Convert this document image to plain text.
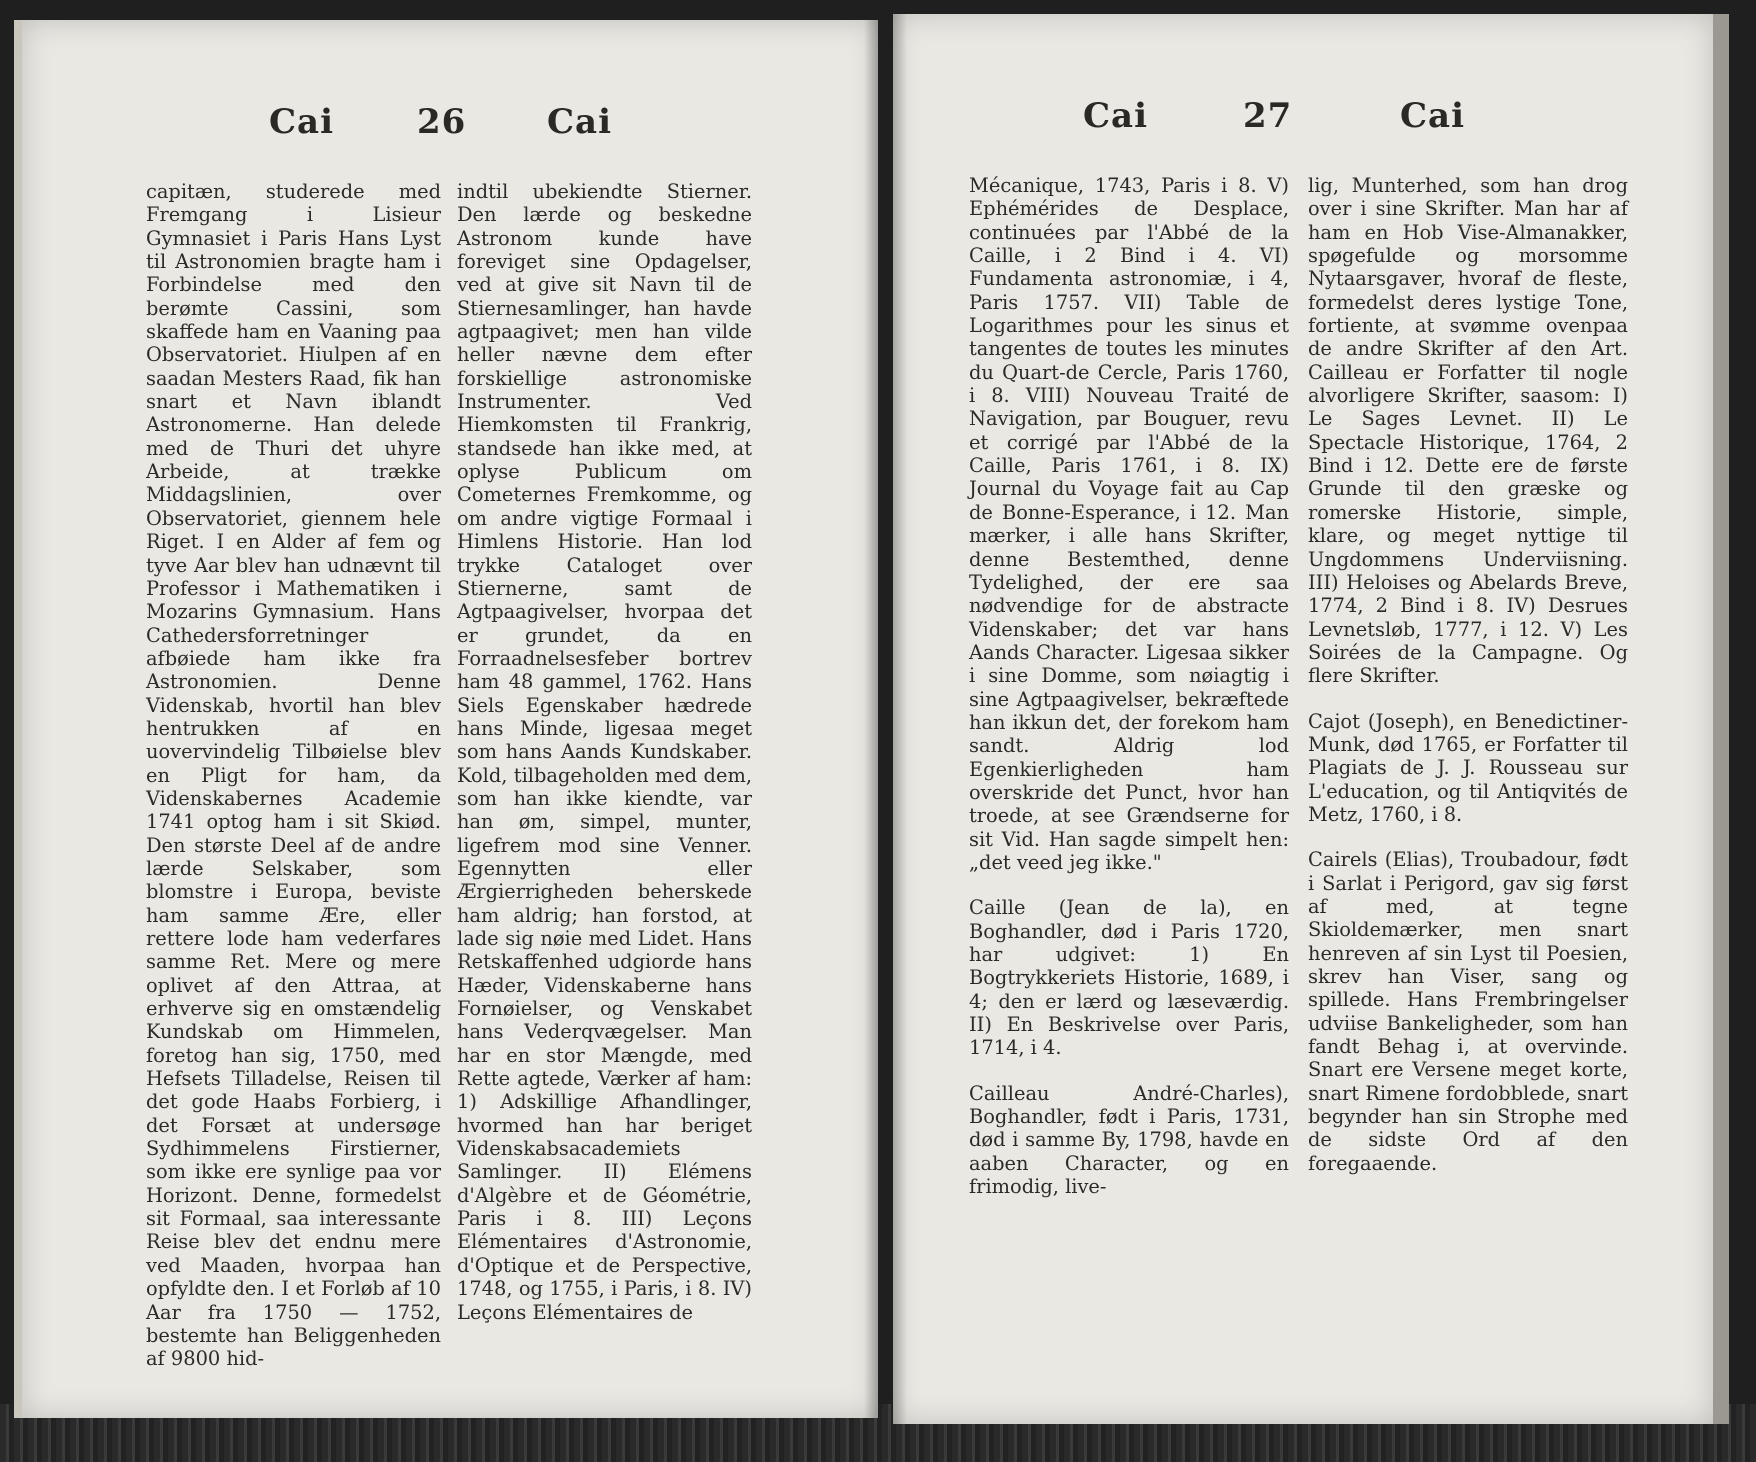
Cai 26 Cai

capitæn, studerede med Fremgang i Lisieur Gymnasiet i Paris Hans Lyst til Astronomien bragte ham i Forbindelse med den berømte Cassini, som skaffede ham en Vaaning paa Observatoriet. Hiulpen af en saadan Mesters Raad, fik han snart et Navn iblandt Astronomerne. Han delede med de Thuri det uhyre Arbeide, at trække Middagslinien, over Observatoriet, giennem hele Riget. I en Alder af fem og tyve Aar blev han udnævnt til Professor i Mathematiken i Mozarins Gymnasium. Hans Cathedersforretninger afbøiede ham ikke fra Astronomien. Denne Videnskab, hvortil han blev hentrukken af en uovervindelig Tilbøielse blev en Pligt for ham, da Videnskabernes Academie 1741 optog ham i sit Skiød. Den største Deel af de andre lærde Selskaber, som blomstre i Europa, beviste ham samme Ære, eller rettere lode ham vederfares samme Ret. Mere og mere oplivet af den Attraa, at erhverve sig en omstændelig Kundskab om Himmelen, foretog han sig, 1750, med Hefsets Tilladelse, Reisen til det gode Haabs Forbierg, i det Forsæt at undersøge Sydhimmelens Firstierner, som ikke ere synlige paa vor Horizont. Denne, formedelst sit Formaal, saa interessante Reise blev det endnu mere ved Maaden, hvorpaa han opfyldte den. I et Forløb af 10 Aar fra 1750 — 1752, bestemte han Beliggenheden af 9800 hid-

indtil ubekiendte Stierner. Den lærde og beskedne Astronom kunde have foreviget sine Opdagelser, ved at give sit Navn til de Stiernesamlinger, han havde agtpaagivet; men han vilde heller nævne dem efter forskiellige astronomiske Instrumenter. Ved Hiemkomsten til Frankrig, standsede han ikke med, at oplyse Publicum om Cometernes Fremkomme, og om andre vigtige Formaal i Himlens Historie. Han lod trykke Cataloget over Stiernerne, samt de Agtpaagivelser, hvorpaa det er grundet, da en Forraadnelsesfeber bortrev ham 48 gammel, 1762. Hans Siels Egenskaber hædrede hans Minde, ligesaa meget som hans Aands Kundskaber. Kold, tilbageholden med dem, som han ikke kiendte, var han øm, simpel, munter, ligefrem mod sine Venner. Egennytten eller Ærgierrigheden beherskede ham aldrig; han forstod, at lade sig nøie med Lidet. Hans Retskaffenhed udgiorde hans Hæder, Videnskaberne hans Fornøielser, og Venskabet hans Vederqvægelser. Man har en stor Mængde, med Rette agtede, Værker af ham: 1) Adskillige Afhandlinger, hvormed han har beriget Videnskabsacademiets Samlinger. II) Elémens d'Algèbre et de Géométrie, Paris i 8. III) Leçons Elémentaires d'Astronomie, d'Optique et de Perspective, 1748, og 1755, i Paris, i 8. IV) Leçons Elémentaires de

Cai	27	Cai

Mécanique, 1743, Paris i 8. V) Ephémérides de Desplace, continuées par l'Abbé de la Caille, i 2 Bind i 4. VI) Fundamenta astronomiæ, i 4, Paris 1757. VII) Table de Logarithmes pour les sinus et tangentes de toutes les minutes du Quart-de Cercle, Paris 1760, i 8. VIII) Nouveau Traité de Navigation, par Bouguer, revu et corrigé par l'Abbé de la Caille, Paris 1761, i 8. IX) Journal du Voyage fait au Cap de Bonne-Esperance, i 12. Man mærker, i alle hans Skrifter, denne Bestemthed, denne Tydelighed, der ere saa nødvendige for de abstracte Videnskaber; det var hans Aands Character. Ligesaa sikker i sine Domme, som nøiagtig i sine Agtpaagivelser, bekræftede han ikkun det, der forekom ham sandt. Aldrig lod Egenkierligheden ham overskride det Punct, hvor han troede, at see Grændserne for sit Vid. Han sagde simpelt hen: „det veed jeg ikke."

Caille (Jean de la), en Boghandler, død i Paris 1720, har udgivet: 1) En Bogtrykkeriets Historie, 1689, i 4; den er lærd og læseværdig. II) En Beskrivelse over Paris, 1714, i 4.

Cailleau André-Charles), Boghandler, født i Paris, 1731, død i samme By, 1798, havde en aaben Character, og en frimodig, live-

lig, Munterhed, som han drog over i sine Skrifter. Man har af ham en Hob Vise-Almanakker, spøgefulde og morsomme Nytaarsgaver, hvoraf de fleste, formedelst deres lystige Tone, fortiente, at svømme ovenpaa de andre Skrifter af den Art. Cailleau er Forfatter til nogle alvorligere Skrifter, saasom: I) Le Sages Levnet. II) Le Spectacle Historique, 1764, 2 Bind i 12. Dette ere de første Grunde til den græske og romerske Historie, simple, klare, og meget nyttige til Ungdommens Underviisning. III) Heloises og Abelards Breve, 1774, 2 Bind i 8. IV) Desrues Levnetsløb, 1777, i 12. V) Les Soirées de la Campagne. Og flere Skrifter.

Cajot (Joseph), en Benedictiner-Munk, død 1765, er Forfatter til Plagiats de J. J. Rousseau sur L'education, og til Antiqvités de Metz, 1760, i 8.

Cairels (Elias), Troubadour, født i Sarlat i Perigord, gav sig først af med, at tegne Skioldemærker, men snart henreven af sin Lyst til Poesien, skrev han Viser, sang og spillede. Hans Frembringelser udviise Bankeligheder, som han fandt Behag i, at overvinde. Snart ere Versene meget korte, snart Rimene fordobblede, snart begynder han sin Strophe med de sidste Ord af den foregaaende.
